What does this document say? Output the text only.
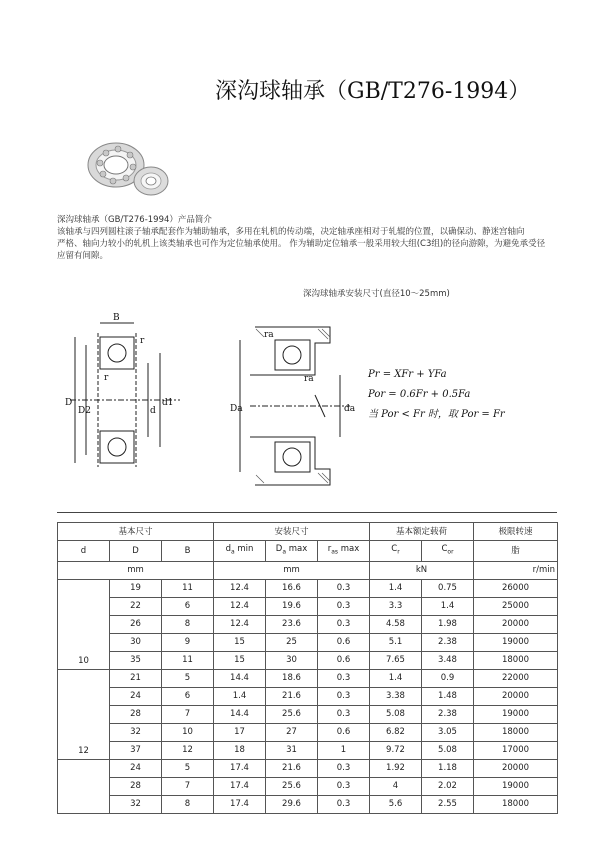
深沟球轴承（GB/T276-1994）
深沟球轴承（GB/T276-1994）产品简介

该轴承与四列圆柱滚子轴承配套作为辅助轴承，多用在轧机的传动端，决定轴承座相对于轧辊的位置，以确保动、静迷宫轴向

严格、轴向力较小的轧机上该类轴承也可作为定位轴承使用。 作为辅助定位轴承一般采用较大组(C3组)的径向游隙，为避免承受径

应留有间隙。

深沟球轴承安装尺寸(直径10～25mm)
B
r
r
D
D2	d
d1
ra
ra
Da	da
Pr = XFr + YFa
Por = 0.6Fr + 0.5Fa
当 Por < Fr 时，取 Por = Fr
基本尺寸			安装尺寸			基本额定载荷		极限转速
d	D	B	$d_a$ min	$D_a$ max	$r_{as}$ max	$C_r$	$C_{or}$	脂
mm			mm			kN		r/min
10	19	11	12.4	16.6	0.3	1.4	0.75	26000
	22	6	12.4	19.6	0.3	3.3	1.4	25000
	26	8	12.4	23.6	0.3	4.58	1.98	20000
	30	9	15	25	0.6	5.1	2.38	19000
	35	11	15	30	0.6	7.65	3.48	18000
12	21	5	14.4	18.6	0.3	1.4	0.9	22000
	24	6	1.4	21.6	0.3	3.38	1.48	20000
	28	7	14.4	25.6	0.3	5.08	2.38	19000
	32	10	17	27	0.6	6.82	3.05	18000
	37	12	18	31	1	9.72	5.08	17000
	24	5	17.4	21.6	0.3	1.92	1.18	20000
	28	7	17.4	25.6	0.3	4	2.02	19000
	32	8	17.4	29.6	0.3	5.6	2.55	18000
